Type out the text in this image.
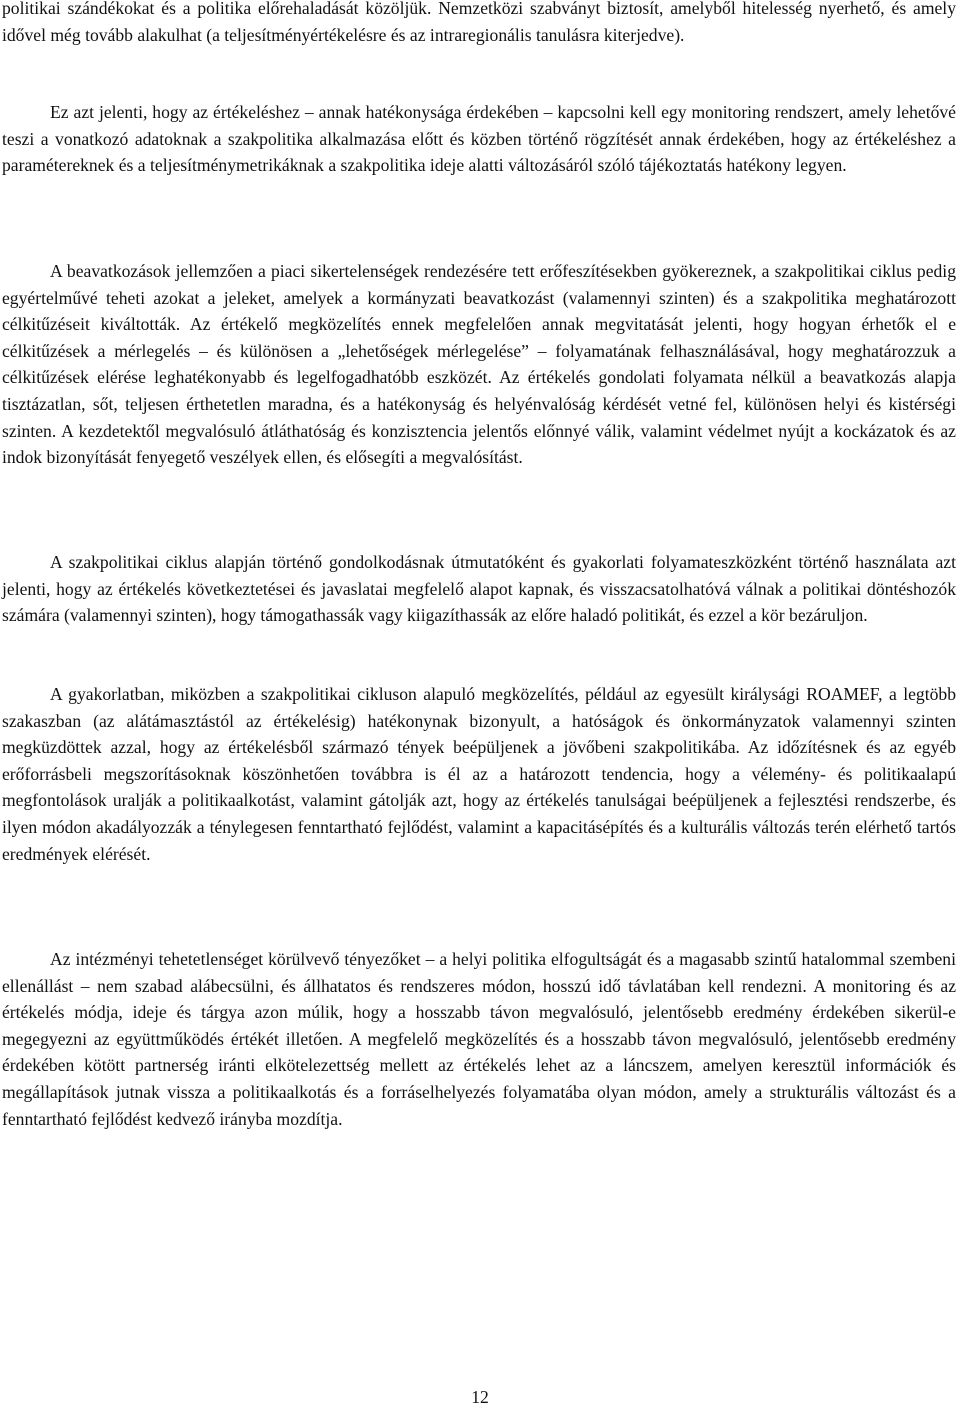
politikai szándékokat és a politika előrehaladását közöljük. Nemzetközi szabványt biztosít, amelyből hitelesség nyerhető, és amely idővel még tovább alakulhat (a teljesítményértékelésre és az intraregionális tanulásra kiterjedve).

Ez azt jelenti, hogy az értékeléshez – annak hatékonysága érdekében – kapcsolni kell egy monitoring rendszert, amely lehetővé teszi a vonatkozó adatoknak a szakpolitika alkalmazása előtt és közben történő rögzítését annak érdekében, hogy az értékeléshez a paramétereknek és a teljesítménymetrikáknak a szakpolitika ideje alatti változásáról szóló tájékoztatás hatékony legyen.

A beavatkozások jellemzően a piaci sikertelenségek rendezésére tett erőfeszítésekben gyökereznek, a szakpolitikai ciklus pedig egyértelművé teheti azokat a jeleket, amelyek a kormányzati beavatkozást (valamennyi szinten) és a szakpolitika meghatározott célkitűzéseit kiváltották. Az értékelő megközelítés ennek megfelelően annak megvitatását jelenti, hogy hogyan érhetők el e célkitűzések a mérlegelés – és különösen a „lehetőségek mérlegelése” – folyamatának felhasználásával, hogy meghatározzuk a célkitűzések elérése leghatékonyabb és legelfogadhatóbb eszközét. Az értékelés gondolati folyamata nélkül a beavatkozás alapja tisztázatlan, sőt, teljesen érthetetlen maradna, és a hatékonyság és helyénvalóság kérdését vetné fel, különösen helyi és kistérségi szinten. A kezdetektől megvalósuló átláthatóság és konzisztencia jelentős előnnyé válik, valamint védelmet nyújt a kockázatok és az indok bizonyítását fenyegető veszélyek ellen, és elősegíti a megvalósítást.

A szakpolitikai ciklus alapján történő gondolkodásnak útmutatóként és gyakorlati folyamateszközként történő használata azt jelenti, hogy az értékelés következtetései és javaslatai megfelelő alapot kapnak, és visszacsatolhatóvá válnak a politikai döntéshozók számára (valamennyi szinten), hogy támogathassák vagy kiigazíthassák az előre haladó politikát, és ezzel a kör bezáruljon.

A gyakorlatban, miközben a szakpolitikai cikluson alapuló megközelítés, például az egyesült királysági ROAMEF, a legtöbb szakaszban (az alátámasztástól az értékelésig) hatékonynak bizonyult, a hatóságok és önkormányzatok valamennyi szinten megküzdöttek azzal, hogy az értékelésből származó tények beépüljenek a jövőbeni szakpolitikába. Az időzítésnek és az egyéb erőforrásbeli megszorításoknak köszönhetően továbbra is él az a határozott tendencia, hogy a vélemény- és politikaalapú megfontolások uralják a politikaalkotást, valamint gátolják azt, hogy az értékelés tanulságai beépüljenek a fejlesztési rendszerbe, és ilyen módon akadályozzák a ténylegesen fenntartható fejlődést, valamint a kapacitásépítés és a kulturális változás terén elérhető tartós eredmények elérését.

Az intézményi tehetetlenséget körülvevő tényezőket – a helyi politika elfogultságát és a magasabb szintű hatalommal szembeni ellenállást – nem szabad alábecsülni, és állhatatos és rendszeres módon, hosszú idő távlatában kell rendezni. A monitoring és az értékelés módja, ideje és tárgya azon múlik, hogy a hosszabb távon megvalósuló, jelentősebb eredmény érdekében sikerül-e megegyezni az együttműködés értékét illetően. A megfelelő megközelítés és a hosszabb távon megvalósuló, jelentősebb eredmény érdekében kötött partnerség iránti elkötelezettség mellett az értékelés lehet az a láncszem, amelyen keresztül információk és megállapítások jutnak vissza a politikaalkotás és a forráselhelyezés folyamatába olyan módon, amely a strukturális változást és a fenntartható fejlődést kedvező irányba mozdítja.

12
